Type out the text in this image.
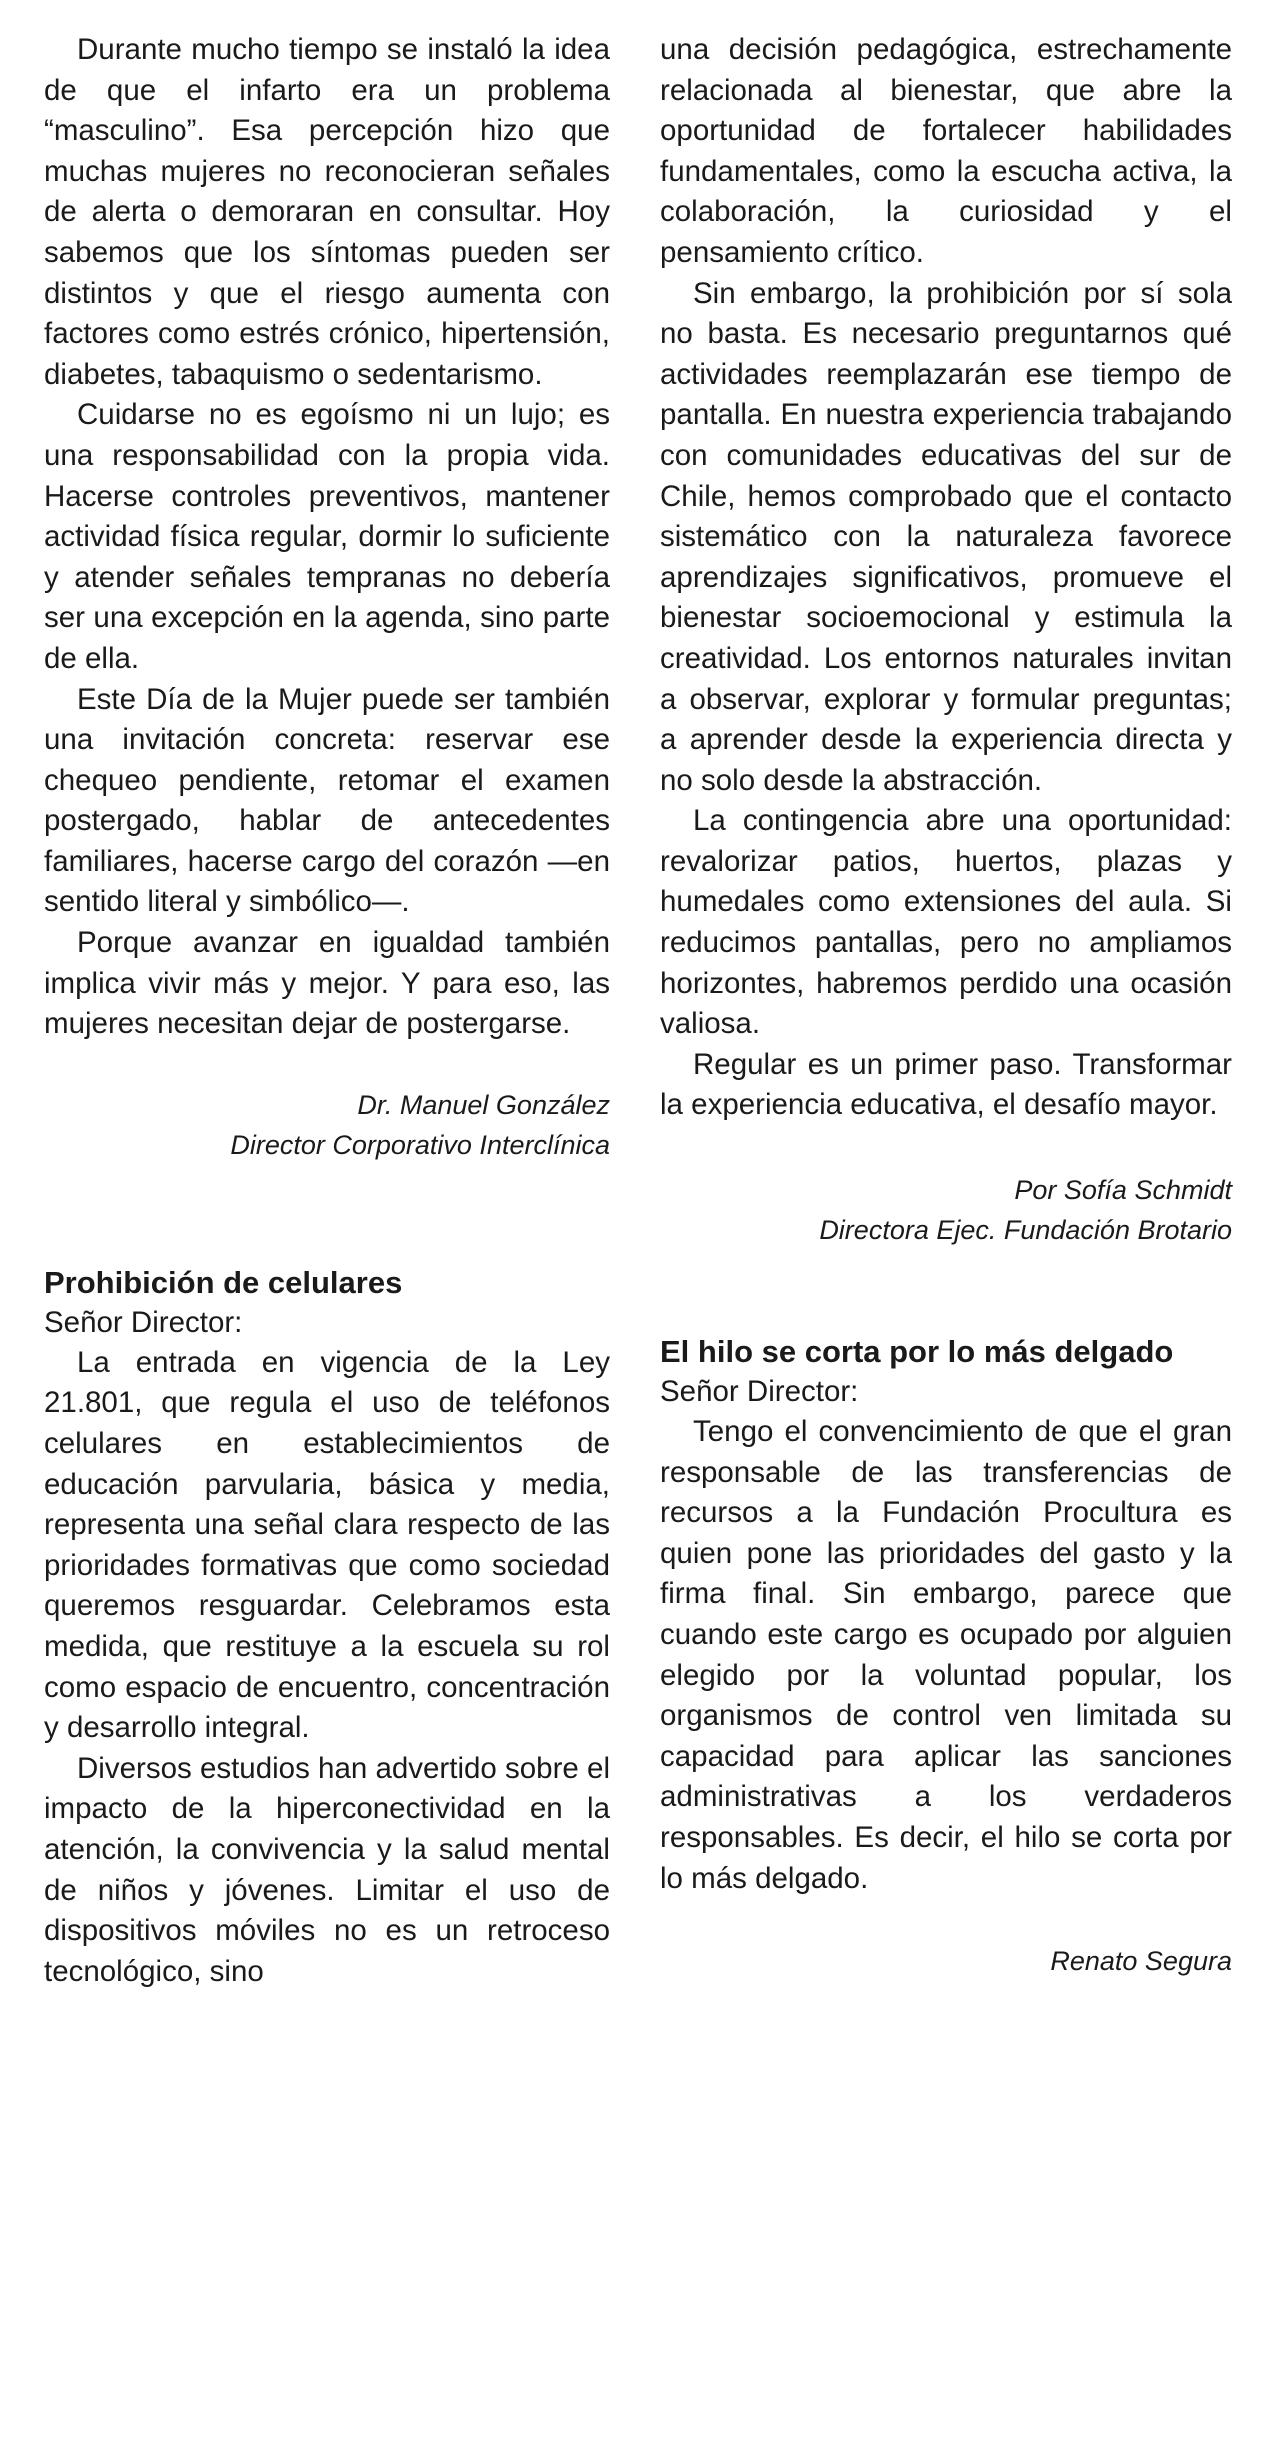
Durante mucho tiempo se instaló la idea de que el infarto era un problema “masculino”. Esa percepción hizo que muchas mujeres no reconocieran señales de alerta o demoraran en consultar. Hoy sabemos que los síntomas pueden ser distintos y que el riesgo aumenta con factores como estrés crónico, hipertensión, diabetes, tabaquismo o sedentarismo.

Cuidarse no es egoísmo ni un lujo; es una responsabilidad con la propia vida. Hacerse controles preventivos, mantener actividad física regular, dormir lo suficiente y atender señales tempranas no debería ser una excepción en la agenda, sino parte de ella.

Este Día de la Mujer puede ser también una invitación concreta: reservar ese chequeo pendiente, retomar el examen postergado, hablar de antecedentes familiares, hacerse cargo del corazón —en sentido literal y simbólico—.

Porque avanzar en igualdad también implica vivir más y mejor. Y para eso, las mujeres necesitan dejar de postergarse.

Dr. Manuel González
Director Corporativo Interclínica
Prohibición de celulares
Señor Director:

La entrada en vigencia de la Ley 21.801, que regula el uso de teléfonos celulares en establecimientos de educación parvularia, básica y media, representa una señal clara respecto de las prioridades formativas que como sociedad queremos resguardar. Celebramos esta medida, que restituye a la escuela su rol como espacio de encuentro, concentración y desarrollo integral.

Diversos estudios han advertido sobre el impacto de la hiperconectividad en la atención, la convivencia y la salud mental de niños y jóvenes. Limitar el uso de dispositivos móviles no es un retroceso tecnológico, sino

una decisión pedagógica, estrechamente relacionada al bienestar, que abre la oportunidad de fortalecer habilidades fundamentales, como la escucha activa, la colaboración, la curiosidad y el pensamiento crítico.

Sin embargo, la prohibición por sí sola no basta. Es necesario preguntarnos qué actividades reemplazarán ese tiempo de pantalla. En nuestra experiencia trabajando con comunidades educativas del sur de Chile, hemos comprobado que el contacto sistemático con la naturaleza favorece aprendizajes significativos, promueve el bienestar socioemocional y estimula la creatividad. Los entornos naturales invitan a observar, explorar y formular preguntas; a aprender desde la experiencia directa y no solo desde la abstracción.

La contingencia abre una oportunidad: revalorizar patios, huertos, plazas y humedales como extensiones del aula. Si reducimos pantallas, pero no ampliamos horizontes, habremos perdido una ocasión valiosa.

Regular es un primer paso. Transformar la experiencia educativa, el desafío mayor.

Por Sofía Schmidt
Directora Ejec. Fundación Brotario
El hilo se corta por lo más delgado
Señor Director:

Tengo el convencimiento de que el gran responsable de las transferencias de recursos a la Fundación Procultura es quien pone las prioridades del gasto y la firma final. Sin embargo, parece que cuando este cargo es ocupado por alguien elegido por la voluntad popular, los organismos de control ven limitada su capacidad para aplicar las sanciones administrativas a los verdaderos responsables. Es decir, el hilo se corta por lo más delgado.

Renato Segura
